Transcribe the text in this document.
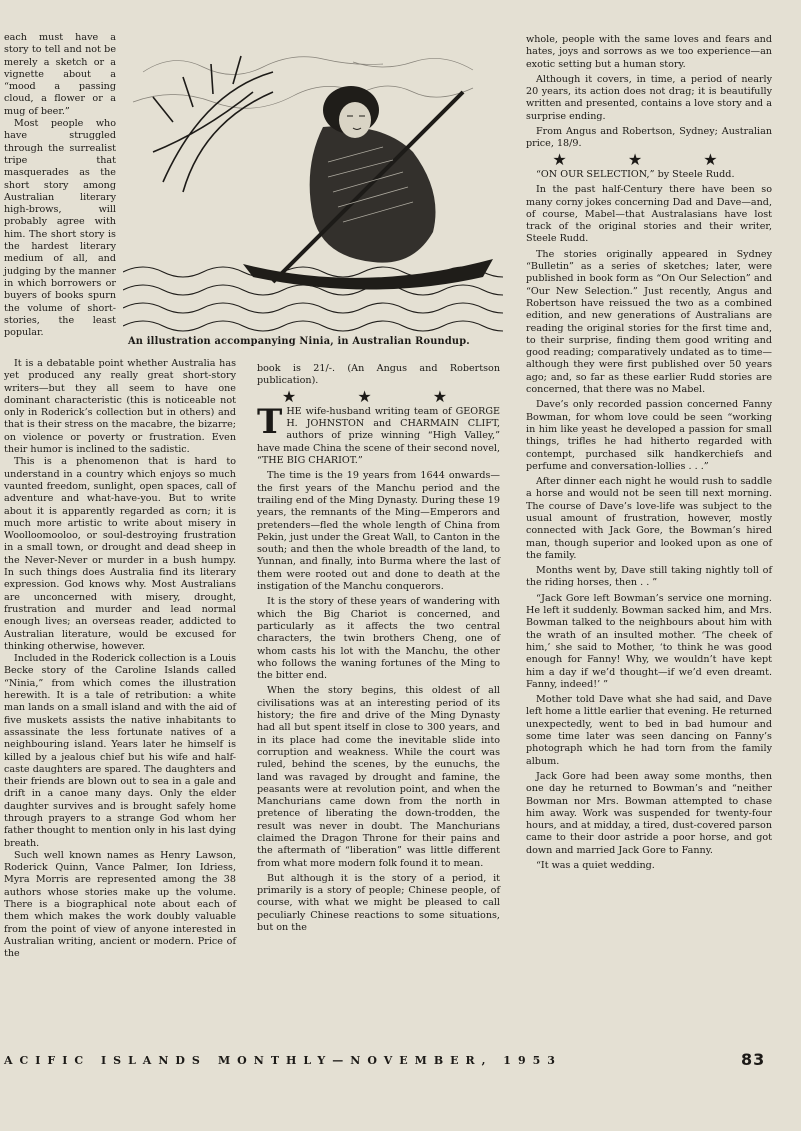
An illustration accompanying Ninia, in Australian Roundup.

each must have a story to tell and not be merely a sketch or a vignette about a “mood a passing cloud, a flower or a mug of beer.”

Most people who have struggled through the surrealist tripe that masquerades as the short story among Australian literary high-brows, will probably agree with him. The short story is the hardest literary medium of all, and judging by the manner in which borrowers or buyers of books spurn the volume of short-stories, the least popular.

It is a debatable point whether Australia has yet produced any really great short-story writers—but they all seem to have one dominant characteristic (this is noticeable not only in Roderick’s collection but in others) and that is their stress on the macabre, the bizarre; on violence or poverty or frustration. Even their humor is inclined to the sadistic.

This is a phenomenon that is hard to understand in a country which enjoys so much vaunted freedom, sunlight, open spaces, call of adventure and what-have-you. But to write about it is apparently regarded as corn; it is much more artistic to write about misery in Woolloomooloo, or soul-destroying frustration in a small town, or drought and dead sheep in the Never-Never or murder in a bush humpy. In such things does Australia find its literary expression. God knows why. Most Australians are unconcerned with misery, drought, frustration and murder and lead normal enough lives; an overseas reader, addicted to Australian literature, would be excused for thinking otherwise, however.

Included in the Roderick collection is a Louis Becke story of the Caroline Islands called “Ninia,” from which comes the illustration herewith. It is a tale of retribution: a white man lands on a small island and with the aid of five muskets assists the native inhabitants to assassinate the less fortunate natives of a neighbouring island. Years later he himself is killed by a jealous chief but his wife and half-caste daughters are spared. The daughters and their friends are blown out to sea in a gale and drift in a canoe many days. Only the elder daughter survives and is brought safely home through prayers to a strange God whom her father thought to mention only in his last dying breath.

Such well known names as Henry Lawson, Roderick Quinn, Vance Palmer, Ion Idriess, Myra Morris are represented among the 38 authors whose stories make up the volume. There is a biographical note about each of them which makes the work doubly valuable from the point of view of anyone interested in Australian writing, ancient or modern. Price of the

book is 21/-. (An Angus and Robertson publication).

★ ★ ★

THE wife-husband writing team of GEORGE H. JOHNSTON and CHARMAIN CLIFT, authors of prize winning “High Valley,” have made China the scene of their second novel, “THE BIG CHARIOT.”

The time is the 19 years from 1644 onwards—the first years of the Manchu period and the trailing end of the Ming Dynasty. During these 19 years, the remnants of the Ming—Emperors and pretenders—fled the whole length of China from Pekin, just under the Great Wall, to Canton in the south; and then the whole breadth of the land, to Yunnan, and finally, into Burma where the last of them were rooted out and done to death at the instigation of the Manchu conquerors.

It is the story of these years of wandering with which the Big Chariot is concerned, and particularly as it affects the two central characters, the twin brothers Cheng, one of whom casts his lot with the Manchu, the other who follows the waning fortunes of the Ming to the bitter end.

When the story begins, this oldest of all civilisations was at an interesting period of its history; the fire and drive of the Ming Dynasty had all but spent itself in close to 300 years, and in its place had come the inevitable slide into corruption and weakness. While the court was ruled, behind the scenes, by the eunuchs, the land was ravaged by drought and famine, the peasants were at revolution point, and when the Manchurians came down from the north in pretence of liberating the down-trodden, the result was never in doubt. The Manchurians claimed the Dragon Throne for their pains and the aftermath of “liberation” was little different from what more modern folk found it to mean.

But although it is the story of a period, it primarily is a story of people; Chinese people, of course, with what we might be pleased to call peculiarly Chinese reactions to some situations, but on the

whole, people with the same loves and fears and hates, joys and sorrows as we too experience—an exotic setting but a human story.

Although it covers, in time, a period of nearly 20 years, its action does not drag; it is beautifully written and presented, contains a love story and a surprise ending.

From Angus and Robertson, Sydney; Australian price, 18/9.

★ ★ ★

“ON OUR SELECTION,” by Steele Rudd.

In the past half-Century there have been so many corny jokes concerning Dad and Dave—and, of course, Mabel—that Australasians have lost track of the original stories and their writer, Steele Rudd.

The stories originally appeared in Sydney “Bulletin” as a series of sketches; later, were published in book form as “On Our Selection” and “Our New Selection.” Just recently, Angus and Robertson have reissued the two as a combined edition, and new generations of Australians are reading the original stories for the first time and, to their surprise, finding them good writing and good reading; comparatively undated as to time—although they were first published over 50 years ago; and, so far as these earlier Rudd stories are concerned, that there was no Mabel.

Dave’s only recorded passion concerned Fanny Bowman, for whom love could be seen “working in him like yeast he developed a passion for small things, trifles he had hitherto regarded with contempt, purchased silk handkerchiefs and perfume and conversation-lollies . . .”

After dinner each night he would rush to saddle a horse and would not be seen till next morning. The course of Dave’s love-life was subject to the usual amount of frustration, however, mostly connected with Jack Gore, the Bowman’s hired man, though superior and looked upon as one of the family.

Months went by, Dave still taking nightly toll of the riding horses, then . . ”

“Jack Gore left Bowman’s service one morning. He left it suddenly. Bowman sacked him, and Mrs. Bowman talked to the neighbours about him with the wrath of an insulted mother. ‘The cheek of him,’ she said to Mother, ‘to think he was good enough for Fanny! Why, we wouldn’t have kept him a day if we’d thought—if we’d even dreamt. Fanny, indeed!’ ”

Mother told Dave what she had said, and Dave left home a little earlier that evening. He returned unexpectedly, went to bed in bad humour and some time later was seen dancing on Fanny’s photograph which he had torn from the family album.

Jack Gore had been away some months, then one day he returned to Bowman’s and “neither Bowman nor Mrs. Bowman attempted to chase him away. Work was suspended for twenty-four hours, and at midday, a tired, dust-covered parson came to their door astride a poor horse, and got down and married Jack Gore to Fanny.

“It was a quiet wedding.

ACIFIC ISLANDS MONTHLY—NOVEMBER, 1953	83
